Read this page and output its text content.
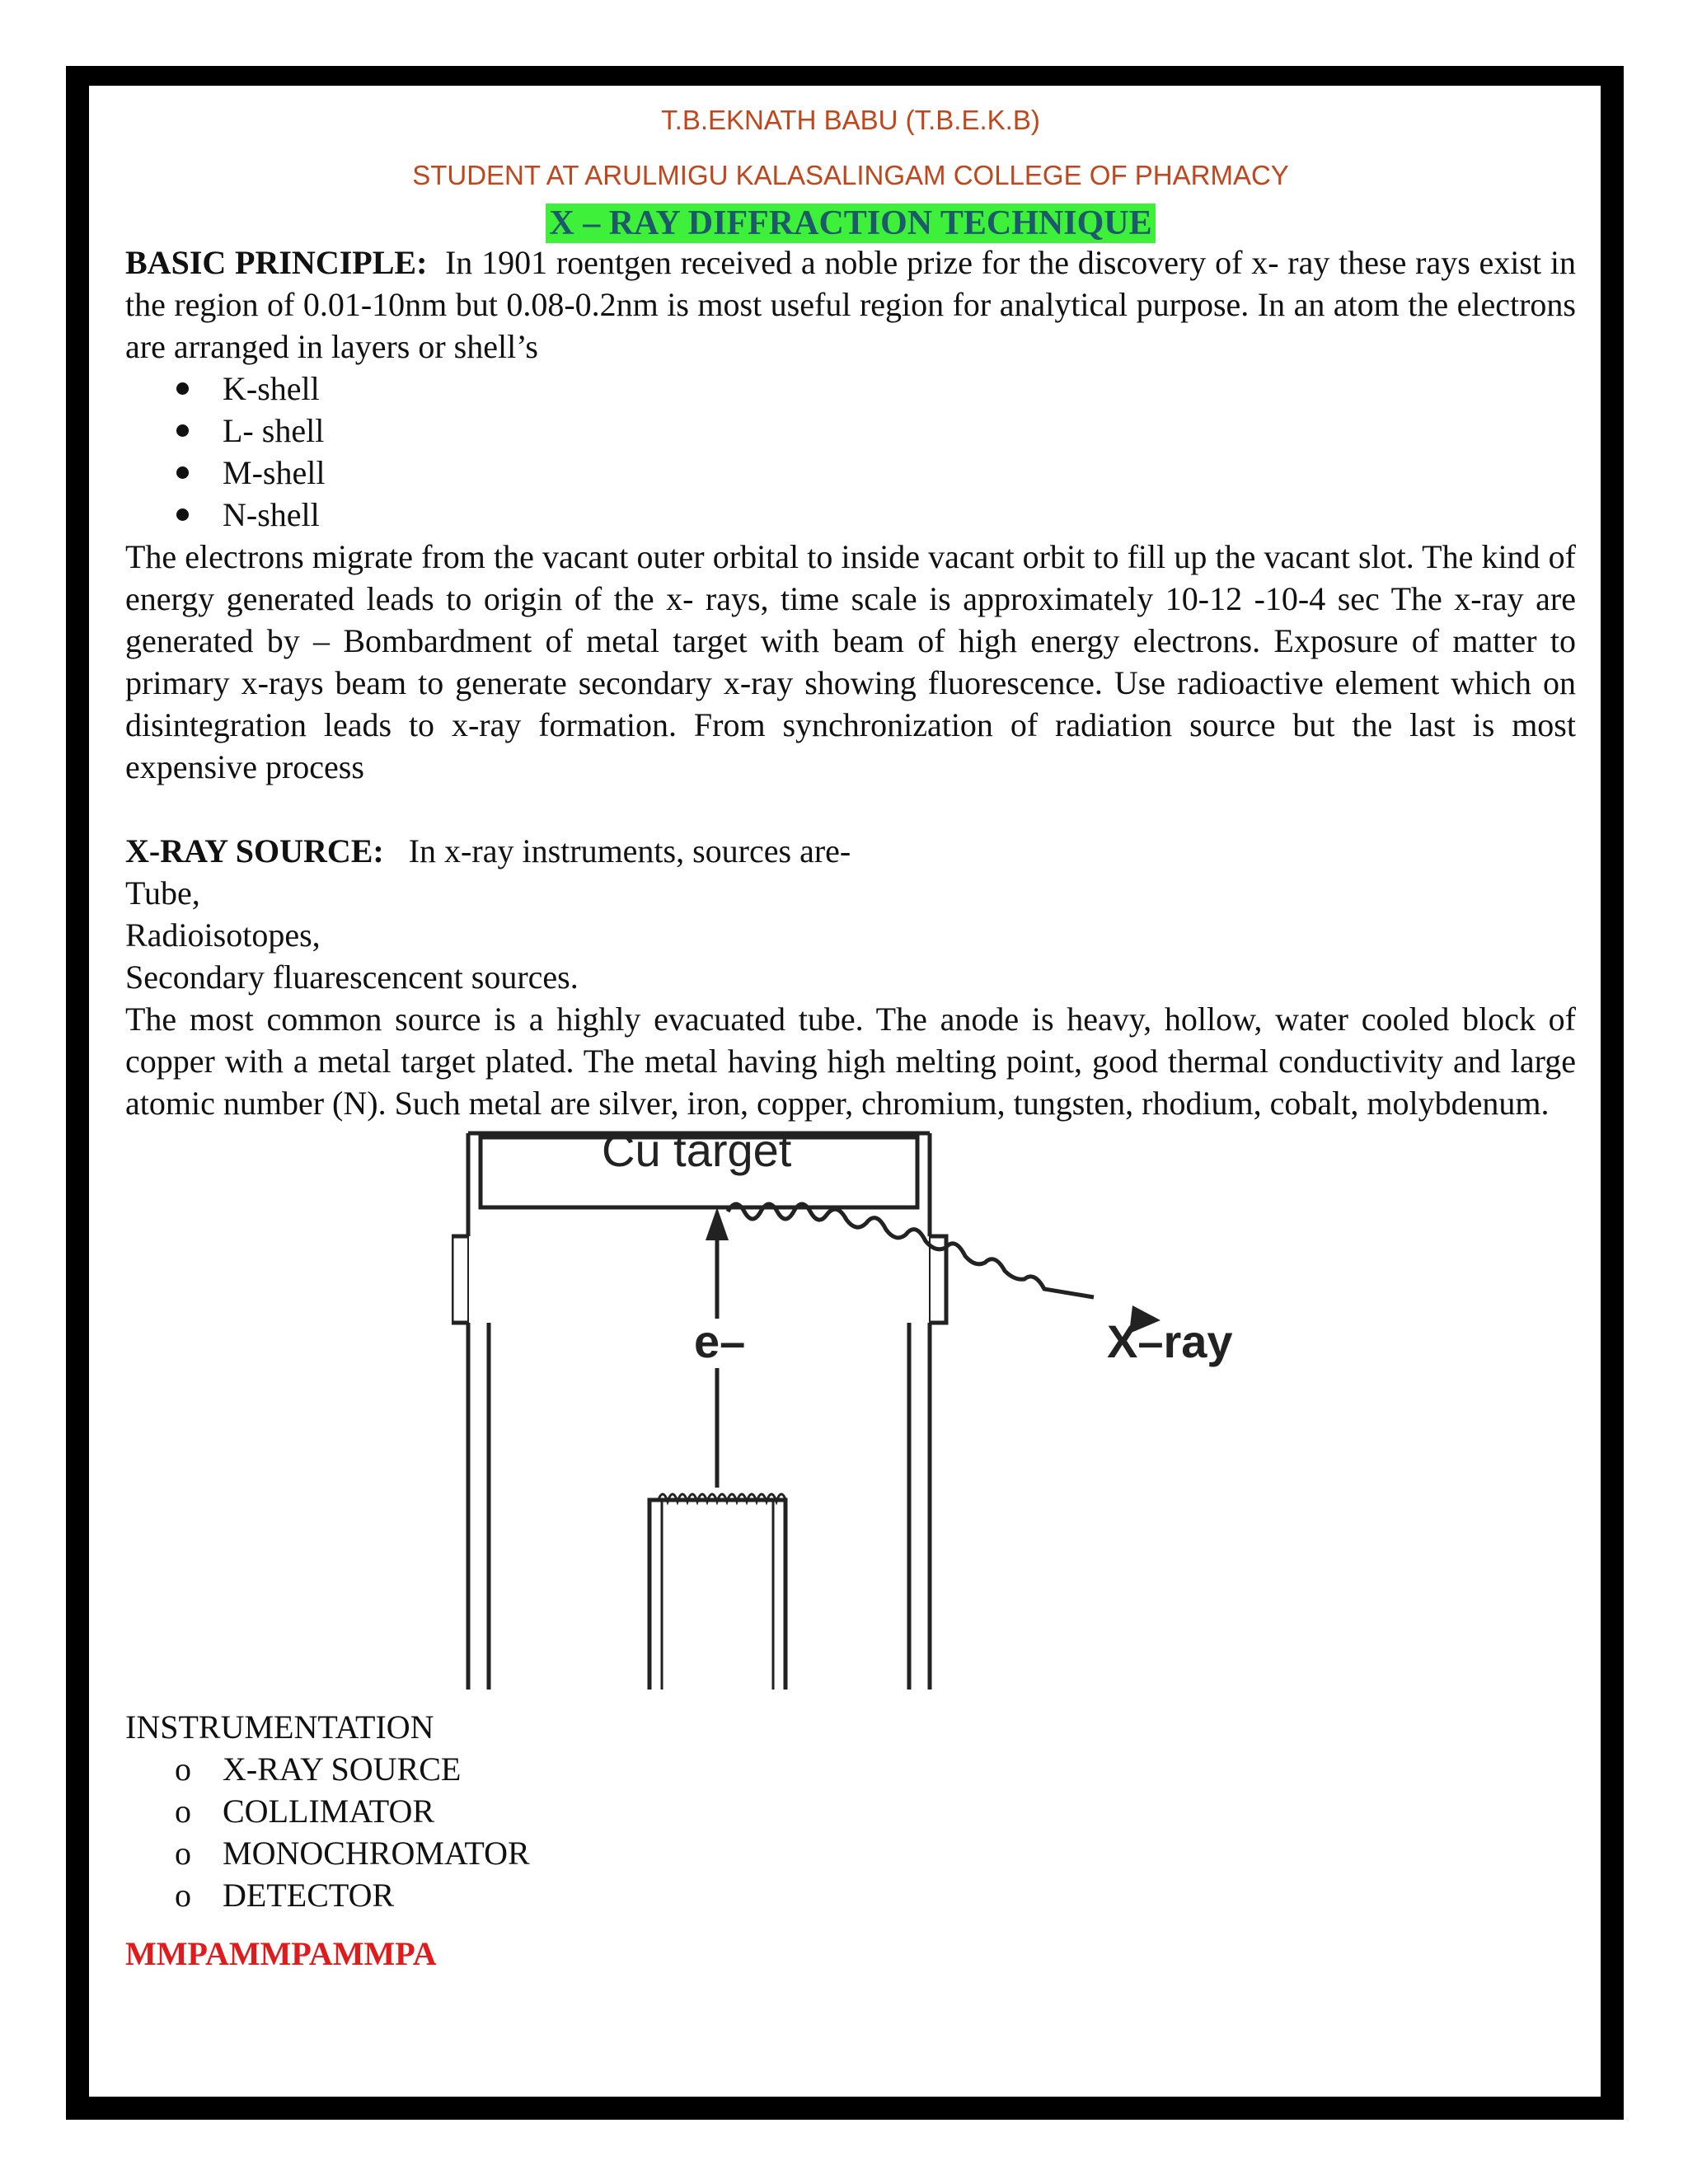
T.B.EKNATH BABU (T.B.E.K.B)
STUDENT AT ARULMIGU KALASALINGAM COLLEGE OF PHARMACY
X – RAY DIFFRACTION TECHNIQUE

BASIC PRINCIPLE: In 1901 roentgen received a noble prize for the discovery of x- ray these rays exist in the region of 0.01-10nm but 0.08-0.2nm is most useful region for analytical purpose. In an atom the electrons are arranged in layers or shell’s

K-shell
L- shell
M-shell
N-shell

The electrons migrate from the vacant outer orbital to inside vacant orbit to fill up the vacant slot. The kind of energy generated leads to origin of the x- rays, time scale is approximately 10-12 -10-4 sec The x-ray are generated by – Bombardment of metal target with beam of high energy electrons. Exposure of matter to primary x-rays beam to generate secondary x-ray showing fluorescence. Use radioactive element which on disintegration leads to x-ray formation. From synchronization of radiation source but the last is most expensive process

X-RAY SOURCE: In x-ray instruments, sources are-

Tube,

Radioisotopes,

Secondary fluarescencent sources.

The most common source is a highly evacuated tube. The anode is heavy, hollow, water cooled block of copper with a metal target plated. The metal having high melting point, good thermal conductivity and large atomic number (N). Such metal are silver, iron, copper, chromium, tungsten, rhodium, cobalt, molybdenum.

Cu target
e–	X–ray

INSTRUMENTATION

o X-RAY SOURCE
o COLLIMATOR
o MONOCHROMATOR
o DETECTOR

MMPAMMPAMMPA
